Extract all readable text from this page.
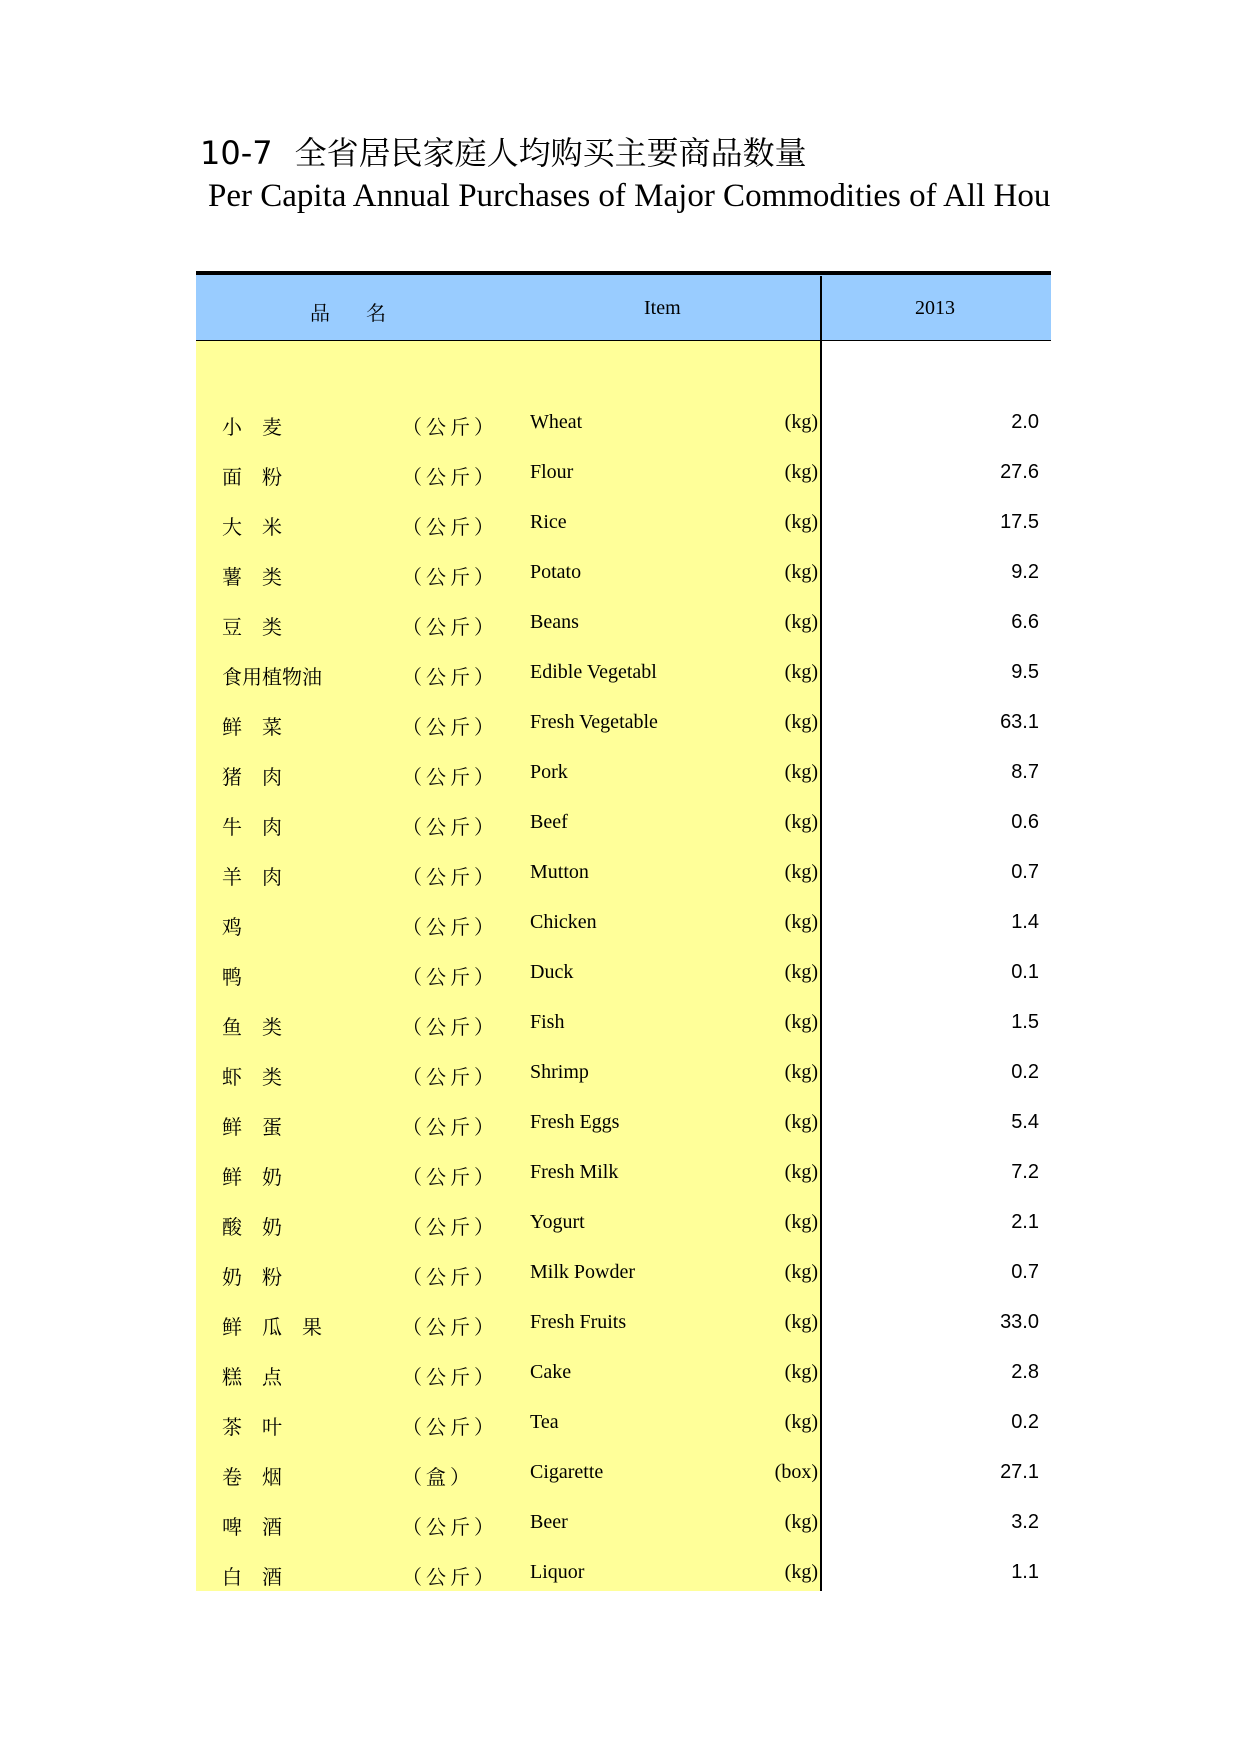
10-7 全省居民家庭人均购买主要商品数量
Per Capita Annual Purchases of Major Commodities of All Hou
品名	Item	2013
小麦	（公斤） Wheat	(kg)	2.0
面粉	（公斤） Flour	(kg)	27.6
大米	（公斤） Rice	(kg)	17.5
薯类	（公斤） Potato	(kg)	9.2
豆类	（公斤） Beans	(kg)	6.6
食用植物油	（公斤） Edible Vegetabl	(kg)	9.5
鲜菜	（公斤） Fresh Vegetable	(kg)	63.1
猪肉	（公斤） Pork	(kg)	8.7
牛肉	（公斤） Beef	(kg)	0.6
羊肉	（公斤） Mutton	(kg)	0.7
鸡	（公斤） Chicken	(kg)	1.4
鸭	（公斤） Duck	(kg)	0.1
鱼类	（公斤） Fish	(kg)	1.5
虾类	（公斤） Shrimp	(kg)	0.2
鲜蛋	（公斤） Fresh Eggs	(kg)	5.4
鲜奶	（公斤） Fresh Milk	(kg)	7.2
酸奶	（公斤） Yogurt	(kg)	2.1
奶粉	（公斤） Milk Powder	(kg)	0.7
鲜瓜果	（公斤） Fresh Fruits	(kg)	33.0
糕点	（公斤） Cake	(kg)	2.8
茶叶	（公斤） Tea	(kg)	0.2
卷烟	（盒）	Cigarette	(box)	27.1
啤酒	（公斤） Beer	(kg)	3.2
白酒	（公斤） Liquor	(kg)	1.1
